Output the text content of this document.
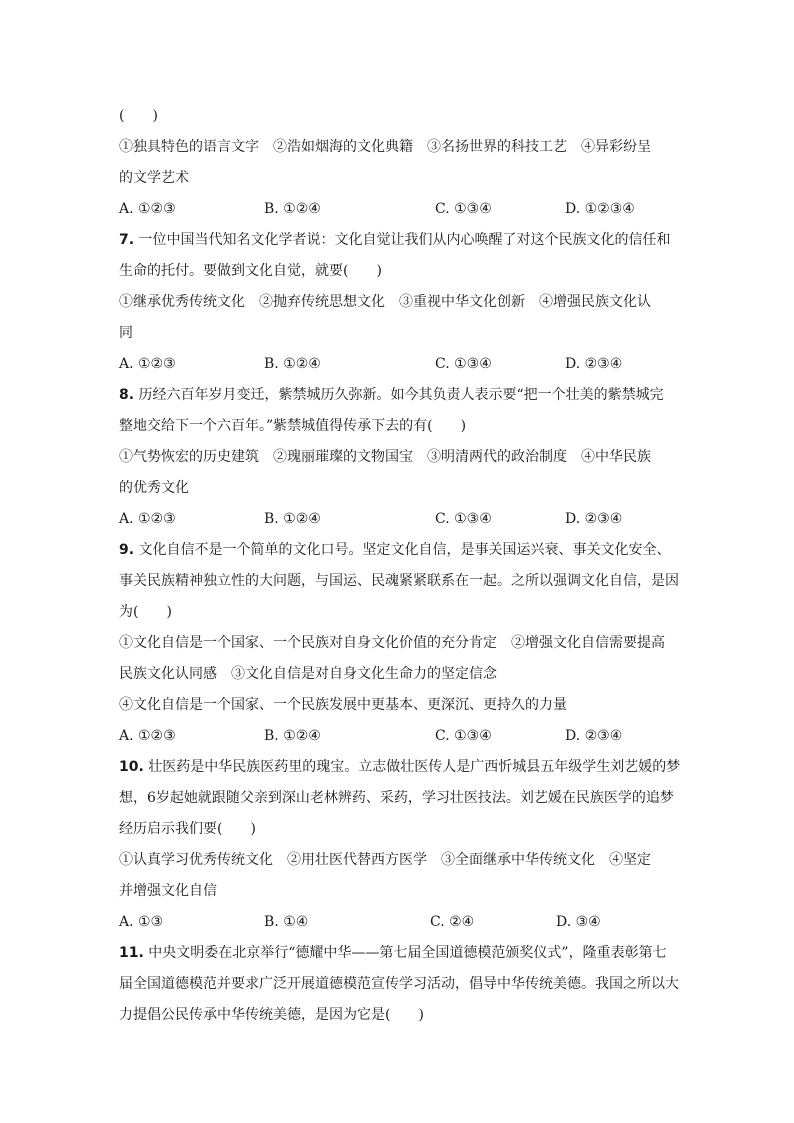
(　　)
①独具特色的语言文字　②浩如烟海的文化典籍　③名扬世界的科技工艺　④异彩纷呈
的文学艺术
A. ①②③	B. ①②④	C. ①③④	D. ①②③④
7. 一位中国当代知名文化学者说：文化自觉让我们从内心唤醒了对这个民族文化的信任和
生命的托付。要做到文化自觉，就要(　　)
①继承优秀传统文化　②抛弃传统思想文化　③重视中华文化创新　④增强民族文化认
同
A. ①②③	B. ①②④	C. ①③④	D. ②③④
8. 历经六百年岁月变迁，紫禁城历久弥新。如今其负责人表示要“把一个壮美的紫禁城完
整地交给下一个六百年。”紫禁城值得传承下去的有(　　)
①气势恢宏的历史建筑　②瑰丽璀璨的文物国宝　③明清两代的政治制度　④中华民族
的优秀文化
A. ①②③	B. ①②④	C. ①③④	D. ②③④
9. 文化自信不是一个简单的文化口号。坚定文化自信，是事关国运兴衰、事关文化安全、
事关民族精神独立性的大问题，与国运、民魂紧紧联系在一起。之所以强调文化自信，是因
为(　　)
①文化自信是一个国家、一个民族对自身文化价值的充分肯定　②增强文化自信需要提高
民族文化认同感　③文化自信是对自身文化生命力的坚定信念
④文化自信是一个国家、一个民族发展中更基本、更深沉、更持久的力量
A. ①②③	B. ①②④	C. ①③④	D. ②③④
10. 壮医药是中华民族医药里的瑰宝。立志做壮医传人是广西忻城县五年级学生刘艺媛的梦
想，6岁起她就跟随父亲到深山老林辨药、采药，学习壮医技法。刘艺媛在民族医学的追梦
经历启示我们要(　　)
①认真学习优秀传统文化　②用壮医代替西方医学　③全面继承中华传统文化　④坚定
并增强文化自信
A. ①③	B. ①④	C. ②④	D. ③④
11. 中央文明委在北京举行“德耀中华——第七届全国道德模范颁奖仪式”，隆重表彰第七
届全国道德模范并要求广泛开展道德模范宣传学习活动，倡导中华传统美德。我国之所以大
力提倡公民传承中华传统美德，是因为它是(　　)
